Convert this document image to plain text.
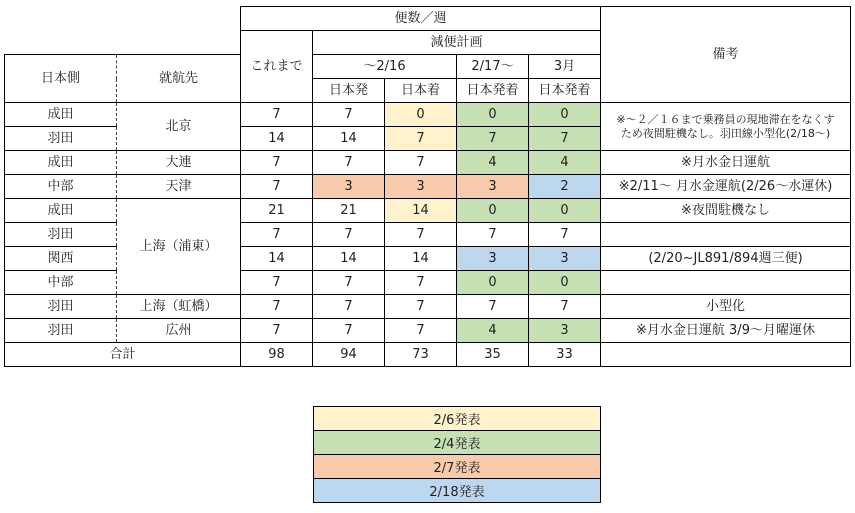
		便数／週					備考
		これまで	減便計画				
日本側	就航先		～2/16		2/17～	3月	
			日本発	日本着	日本発着	日本発着	
成田	北京	7	7	0	0	0	※～２／１６まで乗務員の現地滞在をなくす
ため夜間駐機なし。羽田線小型化(2/18～)
羽田		14	14	7	7	7	
成田	大連	7	7	7	4	4	※月水金日運航
中部	天津	7	3	3	3	2	※2/11～ 月水金運航(2/26～水運休)
成田	上海（浦東）	21	21	14	0	0	※夜間駐機なし
羽田		7	7	7	7	7	
関西		14	14	14	3	3	(2/20~JL891/894週三便)
中部		7	7	7	0	0	
羽田	上海（虹橋）	7	7	7	7	7	小型化
羽田	広州	7	7	7	4	3	※月水金日運航 3/9～月曜運休
合計		98	94	73	35	33	
2/6発表
2/4発表
2/7発表
2/18発表
